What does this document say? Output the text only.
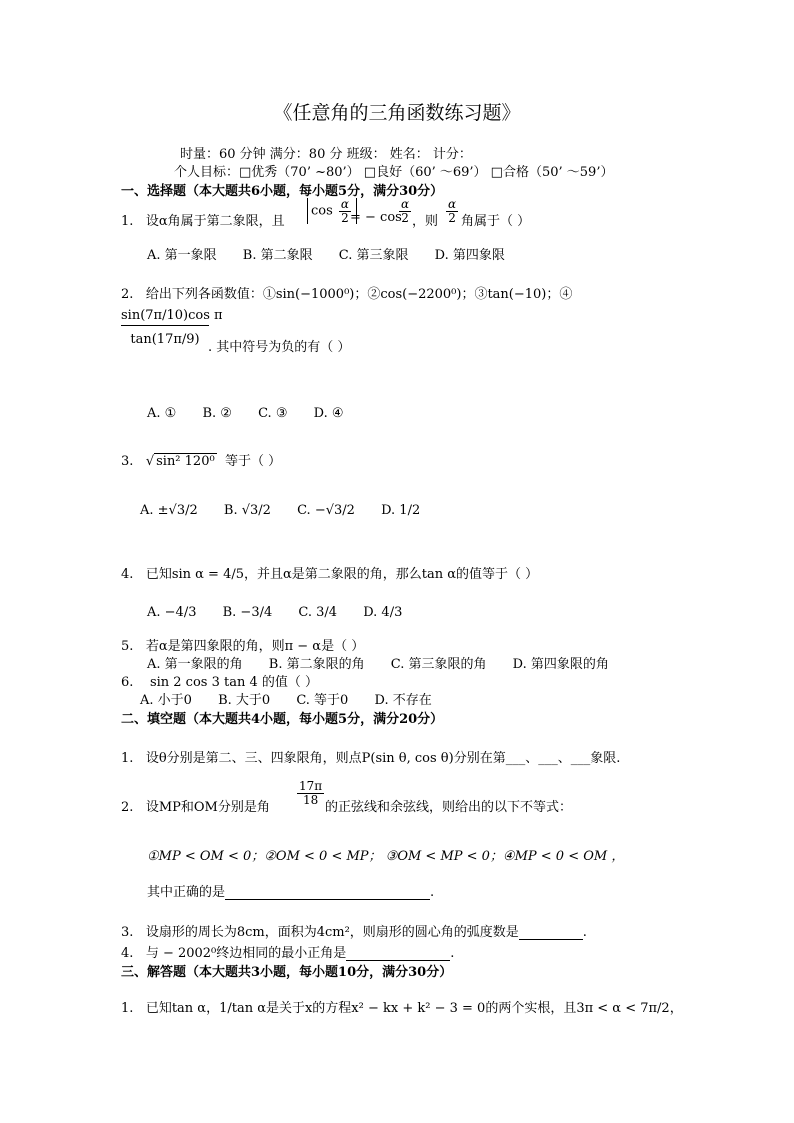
《任意角的三角函数练习题》
时量：60 分钟 满分：80 分 班级： 姓名： 计分：
个人目标：□优秀（70’ ~80’） □良好（60’ ～69’） □合格（50’ ～59’）
一、选择题（本大题共6小题，每小题5分，满分30分）
1. 设α角属于第二象限，且
$\cos \frac{\alpha}{2}$
= − cos
$\frac{\alpha}{2}$ ，则 $\frac{\alpha}{2}$ 角属于（ ）
A. 第一象限 B. 第二象限 C. 第三象限 D. 第四象限
2. 给出下列各函数值：①sin(−1000⁰)；②cos(−2200⁰)；③tan(−10)；④
$\frac{\text{sin(7π/10)cos π}}{\tan(17\pi/9)}$
. 其中符号为负的有（ ）
A. ① B. ② C. ③ D. ④
3. √ sin² 120⁰ 等于（ ）
A. ±√3/2 B. √3/2 C. −√3/2 D. 1/2
4. 已知sin α = 4/5，并且α是第二象限的角，那么tan α的值等于（ ）
A. −4/3 B. −3/4 C. 3/4 D. 4/3
5. 若α是第四象限的角，则π − α是（ ）
A. 第一象限的角 B. 第二象限的角 C. 第三象限的角 D. 第四象限的角
6. sin 2 cos 3 tan 4 的值（ ）
A. 小于0 B. 大于0 C. 等于0 D. 不存在
二、填空题（本大题共4小题，每小题5分，满分20分）
1. 设θ分别是第二、三、四象限角，则点P(sin θ, cos θ)分别在第___、___、___象限.
2. 设MP和OM分别是角
$\frac{17\pi}{18}$
的正弦线和余弦线，则给出的以下不等式：
①MP < OM < 0；②OM < 0 < MP； ③OM < MP < 0；④MP < 0 < OM ，
其中正确的是	.
3. 设扇形的周长为8cm，面积为4cm²，则扇形的圆心角的弧度数是	.
4. 与 − 2002⁰终边相同的最小正角是	.
三、解答题（本大题共3小题，每小题10分，满分30分）
1. 已知tan α，1/tan α是关于x的方程x² − kx + k² − 3 = 0的两个实根，且3π < α < 7π/2，
